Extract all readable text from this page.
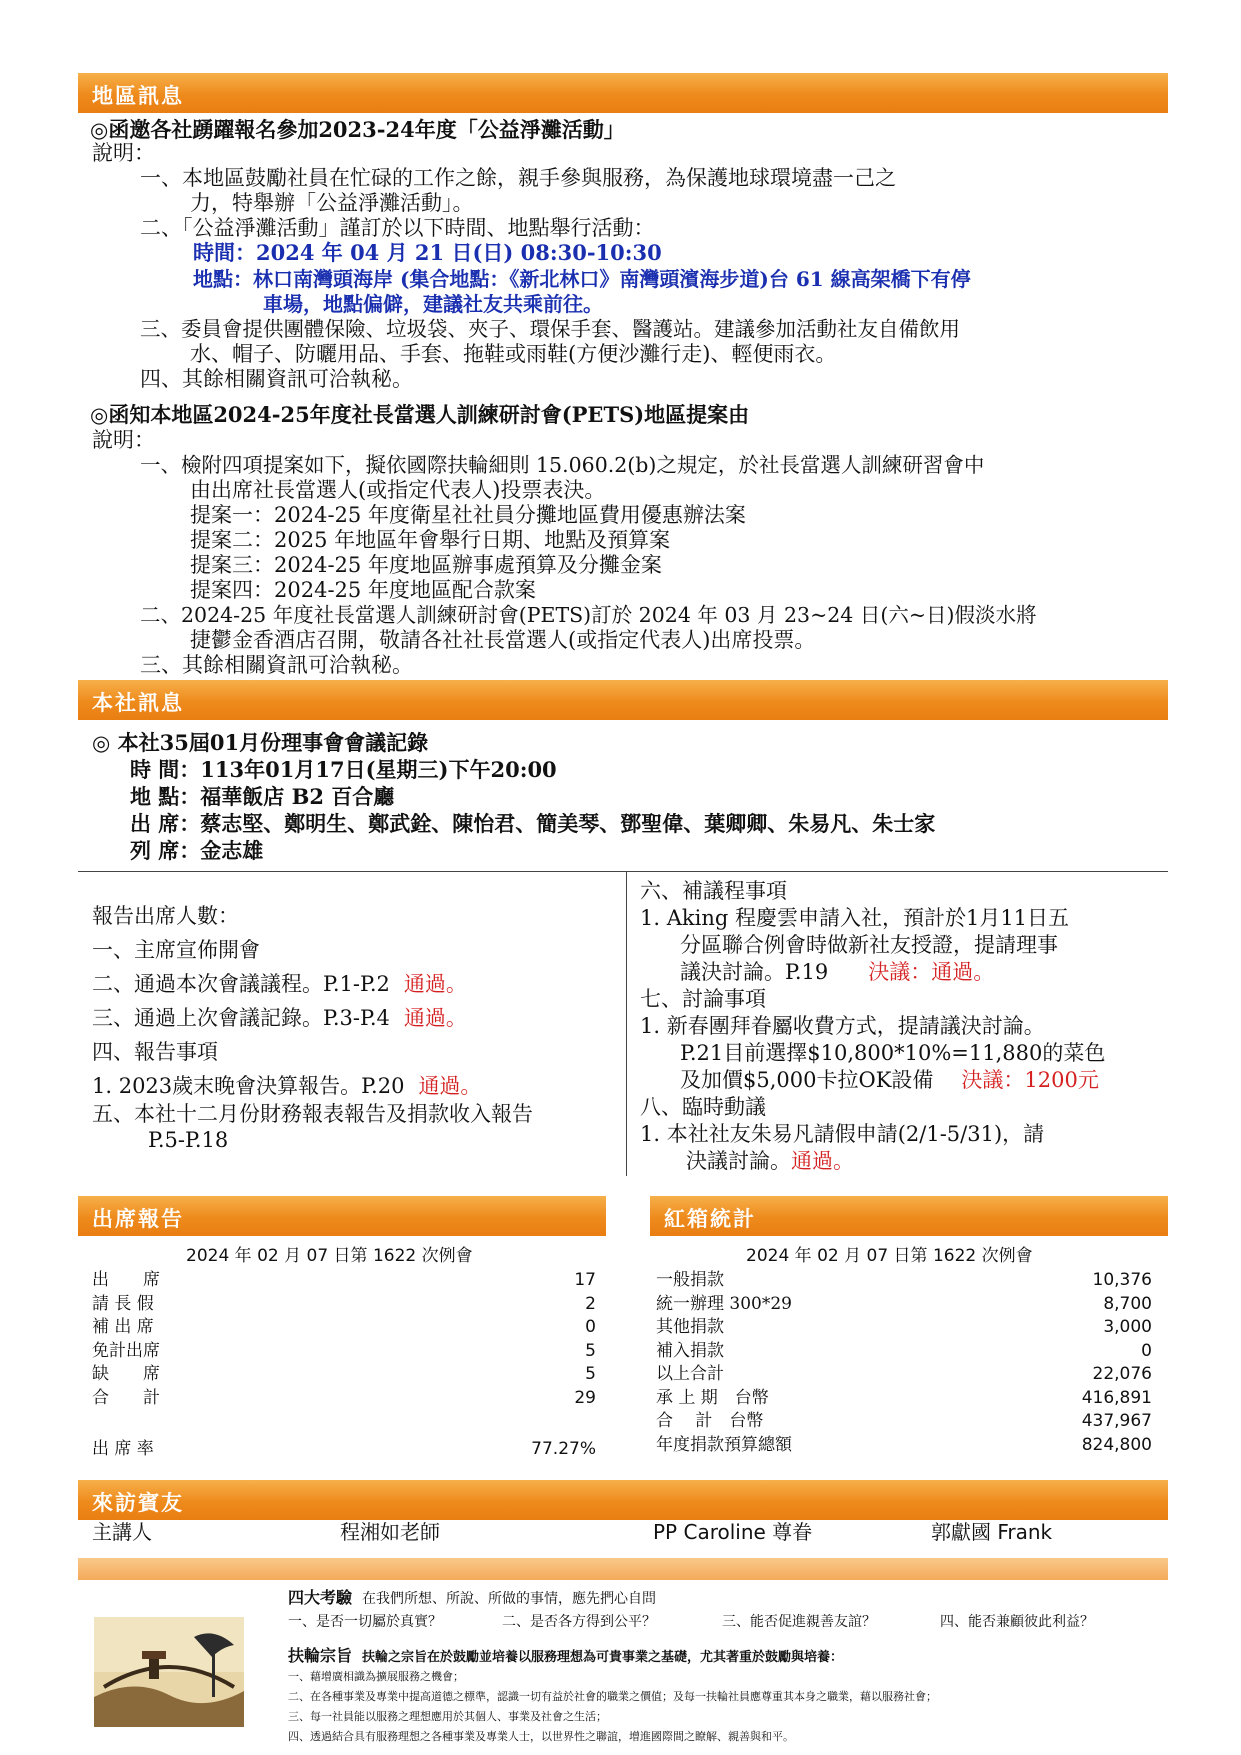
地區訊息
◎函邀各社踴躍報名參加2023-24年度「公益淨灘活動」
說明：
一、本地區鼓勵社員在忙碌的工作之餘，親手參與服務，為保護地球環境盡一己之
力，特舉辦「公益淨灘活動」。
二、「公益淨灘活動」謹訂於以下時間、地點舉行活動：
時間：2024 年 04 月 21 日(日) 08:30-10:30
地點：林口南灣頭海岸 (集合地點：《新北林口》南灣頭濱海步道)台 61 線高架橋下有停
車場，地點偏僻，建議社友共乘前往。
三、委員會提供團體保險、垃圾袋、夾子、環保手套、醫護站。建議參加活動社友自備飲用
水、帽子、防曬用品、手套、拖鞋或雨鞋(方便沙灘行走)、輕便雨衣。
四、其餘相關資訊可洽執秘。
◎函知本地區2024-25年度社長當選人訓練研討會(PETS)地區提案由
說明：
一、檢附四項提案如下，擬依國際扶輪細則 15.060.2(b)之規定，於社長當選人訓練研習會中
由出席社長當選人(或指定代表人)投票表決。
提案一：2024-25 年度衛星社社員分攤地區費用優惠辦法案
提案二：2025 年地區年會舉行日期、地點及預算案
提案三：2024-25 年度地區辦事處預算及分攤金案
提案四：2024-25 年度地區配合款案
二、2024-25 年度社長當選人訓練研討會(PETS)訂於 2024 年 03 月 23~24 日(六~日)假淡水將
捷鬱金香酒店召開，敬請各社社長當選人(或指定代表人)出席投票。
三、其餘相關資訊可洽執秘。
本社訊息
◎ 本社35屆01月份理事會會議記錄
時 間：113年01月17日(星期三)下午20:00
地 點：福華飯店 B2 百合廳
出 席：蔡志堅、鄭明生、鄭武銓、陳怡君、簡美琴、鄧聖偉、葉卿卿、朱易凡、朱士家
列 席：金志雄
報告出席人數：
一、主席宣佈開會
二、通過本次會議議程。P.1-P.2 通過。
三、通過上次會議記錄。P.3-P.4 通過。
四、報告事項
1. 2023歲末晚會決算報告。P.20 通過。
五、本社十二月份財務報表報告及捐款收入報告
P.5-P.18
六、補議程事項
1. Aking 程慶雲申請入社，預計於1月11日五
分區聯合例會時做新社友授證，提請理事
議決討論。P.19 決議：通過。
七、討論事項
1. 新春團拜眷屬收費方式，提請議決討論。
P.21目前選擇$10,800*10%=11,880的菜色
及加價$5,000卡拉OK設備 決議：1200元
八、臨時動議
1. 本社社友朱易凡請假申請(2/1-5/31)，請
決議討論。通過。
出席報告	紅箱統計
2024 年 02 月 07 日第 1622 次例會
出　　席	17
請 長 假	2
補 出 席	0
免計出席	5
缺　　席	5
合　　計	29
出 席 率	77.27%
2024 年 02 月 07 日第 1622 次例會
一般捐款	10,376
統一辦理 300*29	8,700
其他捐款	3,000
補入捐款	0
以上合計	22,076
承 上 期　台幣	416,891
合　 計　台幣	437,967
年度捐款預算總額	824,800
來訪賓友
主講人	程湘如老師	PP Caroline 尊眷	郭獻國 Frank
四大考驗 在我們所想、所說、所做的事情，應先捫心自問
一、是否一切屬於真實？	二、是否各方得到公平？	三、能否促進親善友誼？	四、能否兼顧彼此利益？
扶輪宗旨 扶輪之宗旨在於鼓勵並培養以服務理想為可貴事業之基礎，尤其著重於鼓勵與培養：
一、藉增廣相識為擴展服務之機會；
二、在各種事業及專業中提高道德之標準，認識一切有益於社會的職業之價值；及每一扶輪社員應尊重其本身之職業，藉以服務社會；
三、每一社員能以服務之理想應用於其個人、事業及社會之生活；
四、透過結合具有服務理想之各種事業及專業人士，以世界性之聯誼，增進國際間之瞭解、親善與和平。
